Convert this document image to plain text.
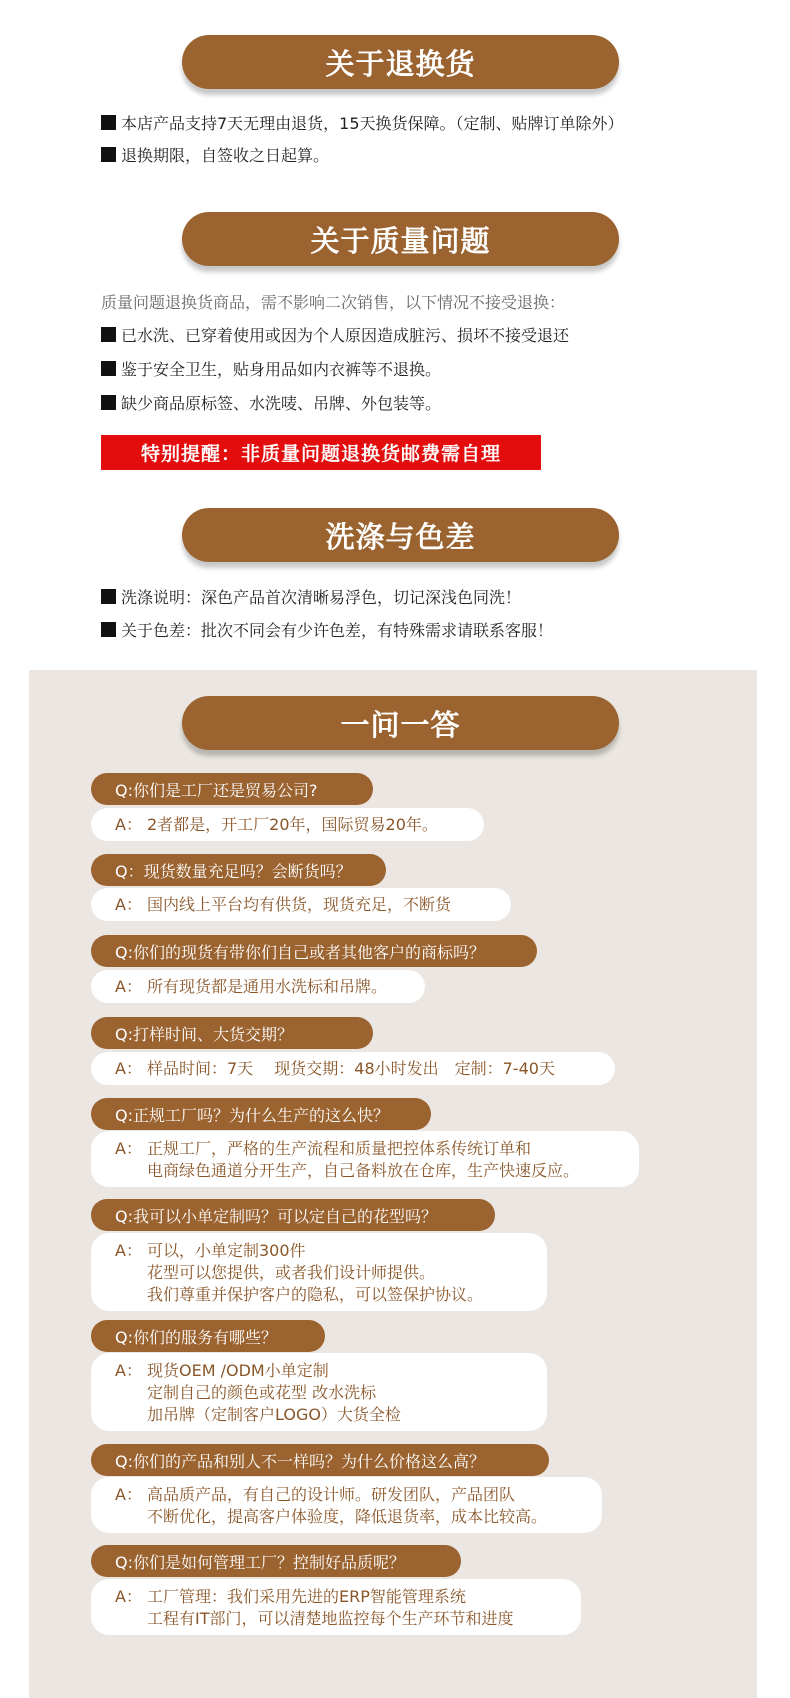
关于退换货
本店产品支持7天无理由退货，15天换货保障。（定制、贴牌订单除外）
退换期限，自签收之日起算。
关于质量问题
质量问题退换货商品，需不影响二次销售，以下情况不接受退换：
已水洗、已穿着使用或因为个人原因造成脏污、损坏不接受退还
鉴于安全卫生，贴身用品如内衣裤等不退换。
缺少商品原标签、水洗唛、吊牌、外包装等。
特别提醒：非质量问题退换货邮费需自理
洗涤与色差
洗涤说明：深色产品首次清晰易浮色，切记深浅色同洗！
关于色差：批次不同会有少许色差，有特殊需求请联系客服！
一问一答
Q:你们是工厂还是贸易公司?
A： 2者都是，开工厂20年，国际贸易20年。
Q：现货数量充足吗？会断货吗？
A： 国内线上平台均有供货，现货充足，不断货
Q:你们的现货有带你们自己或者其他客户的商标吗？
A： 所有现货都是通用水洗标和吊牌。
Q:打样时间、大货交期？
A： 样品时间：7天　 现货交期：48小时发出　定制：7-40天
Q:正规工厂吗？为什么生产的这么快？
A： 正规工厂，严格的生产流程和质量把控体系传统订单和
电商绿色通道分开生产，自己备料放在仓库，生产快速反应。
Q:我可以小单定制吗？可以定自己的花型吗？
A： 可以，小单定制300件
花型可以您提供，或者我们设计师提供。
我们尊重并保护客户的隐私，可以签保护协议。
Q:你们的服务有哪些？
A： 现货OEM /ODM小单定制
定制自己的颜色或花型 改水洗标
加吊牌（定制客户LOGO）大货全检
Q:你们的产品和别人不一样吗？为什么价格这么高？
A： 高品质产品，有自己的设计师。研发团队，产品团队
不断优化，提高客户体验度，降低退货率，成本比较高。
Q:你们是如何管理工厂？控制好品质呢？
A： 工厂管理：我们采用先进的ERP智能管理系统
工程有IT部门，可以清楚地监控每个生产环节和进度
